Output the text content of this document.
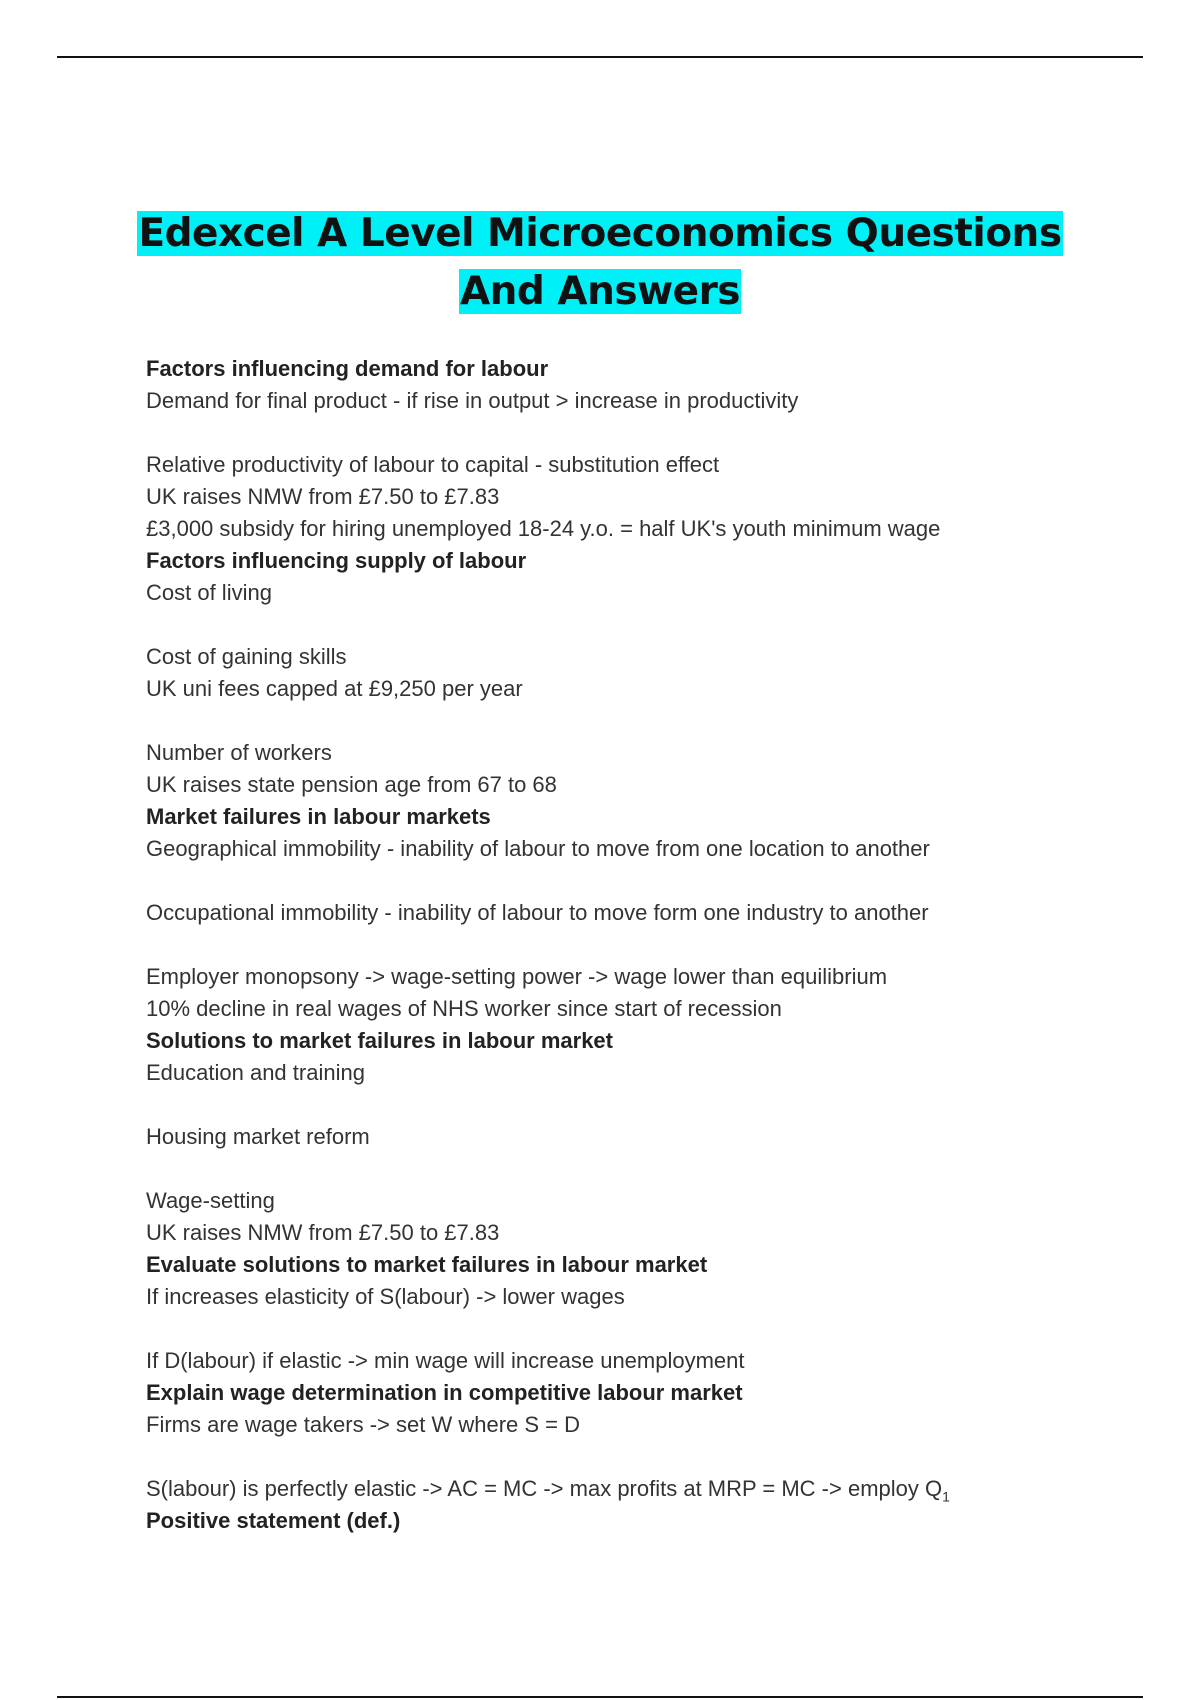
Edexcel A Level Microeconomics Questions
And Answers
Factors influencing demand for labour
Demand for final product - if rise in output > increase in productivity
Relative productivity of labour to capital - substitution effect
UK raises NMW from £7.50 to £7.83
£3,000 subsidy for hiring unemployed 18-24 y.o. = half UK's youth minimum wage
Factors influencing supply of labour
Cost of living
Cost of gaining skills
UK uni fees capped at £9,250 per year
Number of workers
UK raises state pension age from 67 to 68
Market failures in labour markets
Geographical immobility - inability of labour to move from one location to another
Occupational immobility - inability of labour to move form one industry to another
Employer monopsony -> wage-setting power -> wage lower than equilibrium
10% decline in real wages of NHS worker since start of recession
Solutions to market failures in labour market
Education and training
Housing market reform
Wage-setting
UK raises NMW from £7.50 to £7.83
Evaluate solutions to market failures in labour market
If increases elasticity of S(labour) -> lower wages
If D(labour) if elastic -> min wage will increase unemployment
Explain wage determination in competitive labour market
Firms are wage takers -> set W where S = D
S(labour) is perfectly elastic -> AC = MC -> max profits at MRP = MC -> employ $Q_1$
Positive statement (def.)
